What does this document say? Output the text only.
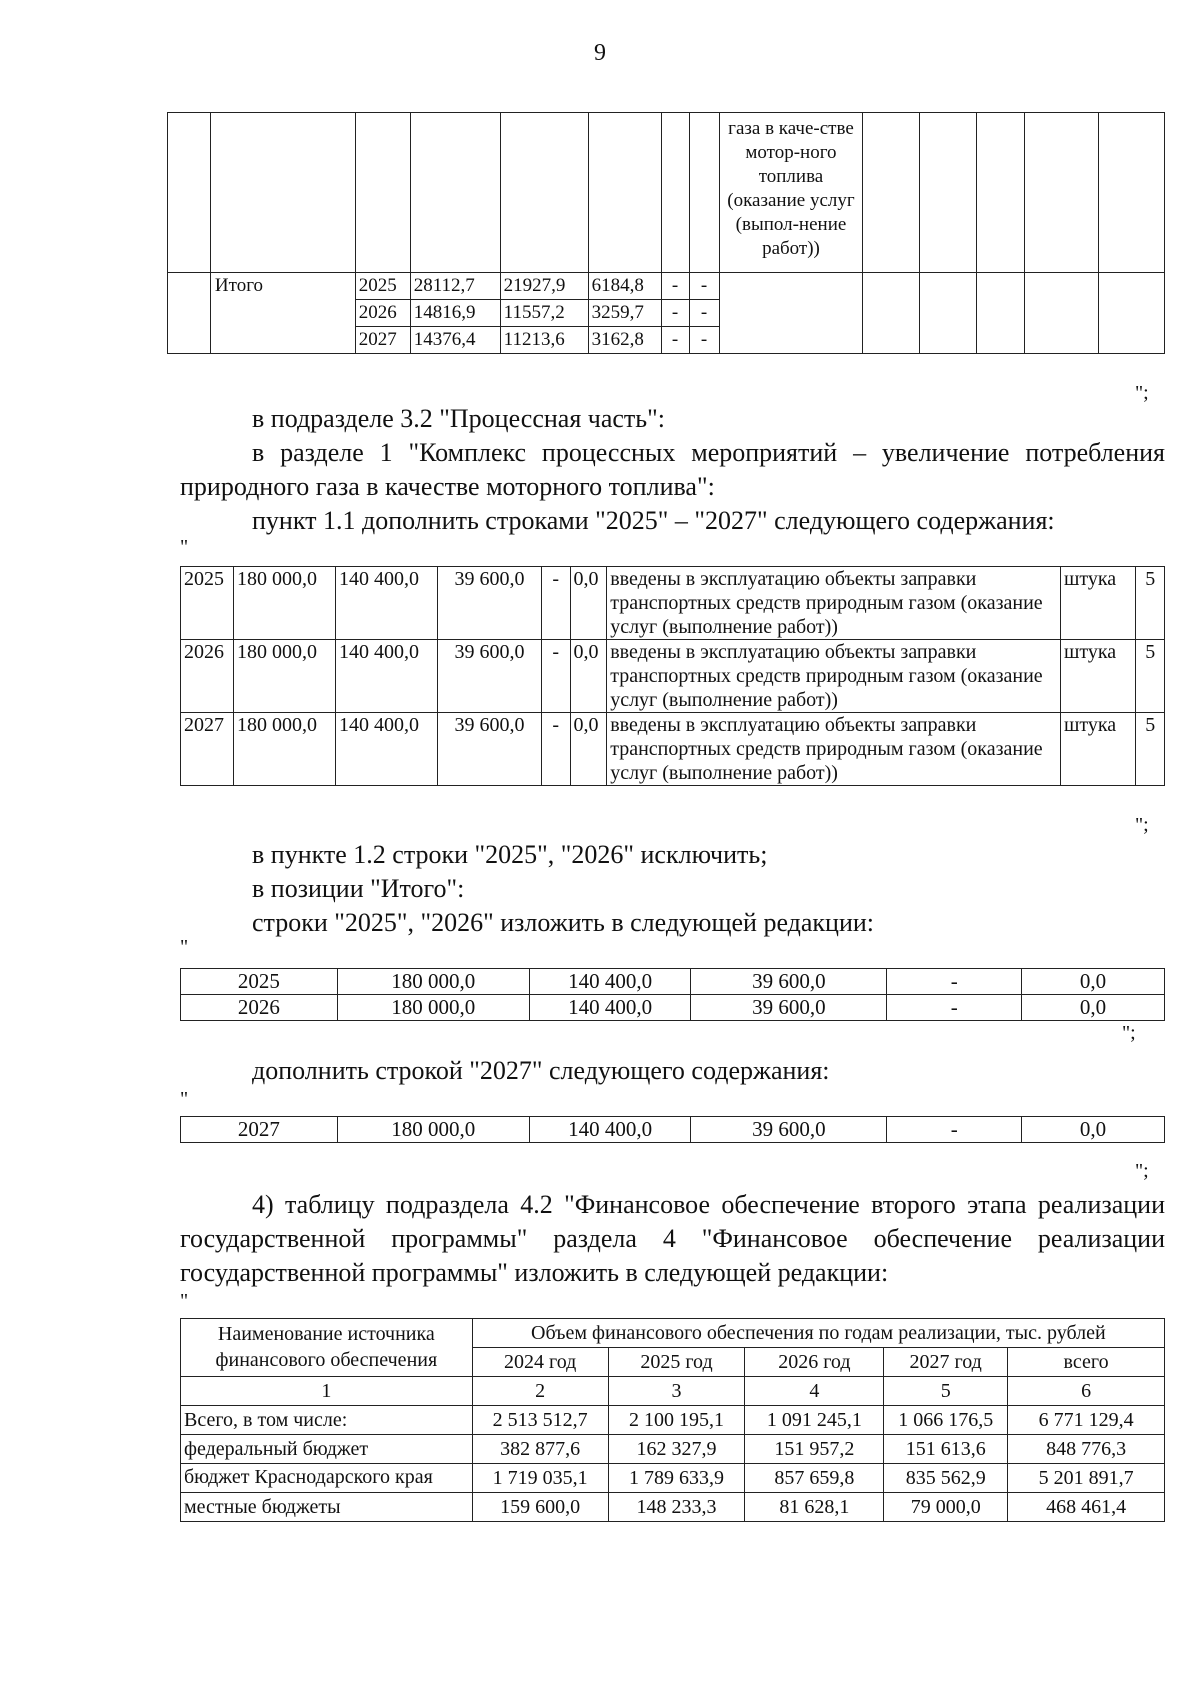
9
								газа в каче-стве мотор-ного топлива (оказание услуг (выпол-нение работ))					
	Итого	2025	28112,7	21927,9	6184,8	-	-						
		2026	14816,9	11557,2	3259,7	-	-						
		2027	14376,4	11213,6	3162,8	-	-						
";
в подразделе 3.2 "Процессная часть":
в разделе 1 "Комплекс процессных мероприятий – увеличение потребления природного газа в качестве моторного топлива":
пункт 1.1 дополнить строками "2025" – "2027" следующего содержания:
"
2025	180 000,0	140 400,0	39 600,0	-	0,0	введены в эксплуатацию объекты заправки транспортных средств природным газом (оказание услуг (выполнение работ))	штука	5
2026	180 000,0	140 400,0	39 600,0	-	0,0	введены в эксплуатацию объекты заправки транспортных средств природным газом (оказание услуг (выполнение работ))	штука	5
2027	180 000,0	140 400,0	39 600,0	-	0,0	введены в эксплуатацию объекты заправки транспортных средств природным газом (оказание услуг (выполнение работ))	штука	5
";
в пункте 1.2 строки "2025", "2026" исключить;
в позиции "Итого":
строки "2025", "2026" изложить в следующей редакции:
"
2025	180 000,0	140 400,0	39 600,0	-	0,0
2026	180 000,0	140 400,0	39 600,0	-	0,0
";
дополнить строкой "2027" следующего содержания:
"
2027	180 000,0	140 400,0	39 600,0	-	0,0
";
4) таблицу подраздела 4.2 "Финансовое обеспечение второго этапа реализации государственной программы" раздела 4 "Финансовое обеспечение реализации государственной программы" изложить в следующей редакции:
"
Наименование источника финансового обеспечения	Объем финансового обеспечения по годам реализации, тыс. рублей				
	2024 год	2025 год	2026 год	2027 год	всего
1	2	3	4	5	6
Всего, в том числе:	2 513 512,7	2 100 195,1	1 091 245,1	1 066 176,5	6 771 129,4
федеральный бюджет	382 877,6	162 327,9	151 957,2	151 613,6	848 776,3
бюджет Краснодарского края	1 719 035,1	1 789 633,9	857 659,8	835 562,9	5 201 891,7
местные бюджеты	159 600,0	148 233,3	81 628,1	79 000,0	468 461,4
